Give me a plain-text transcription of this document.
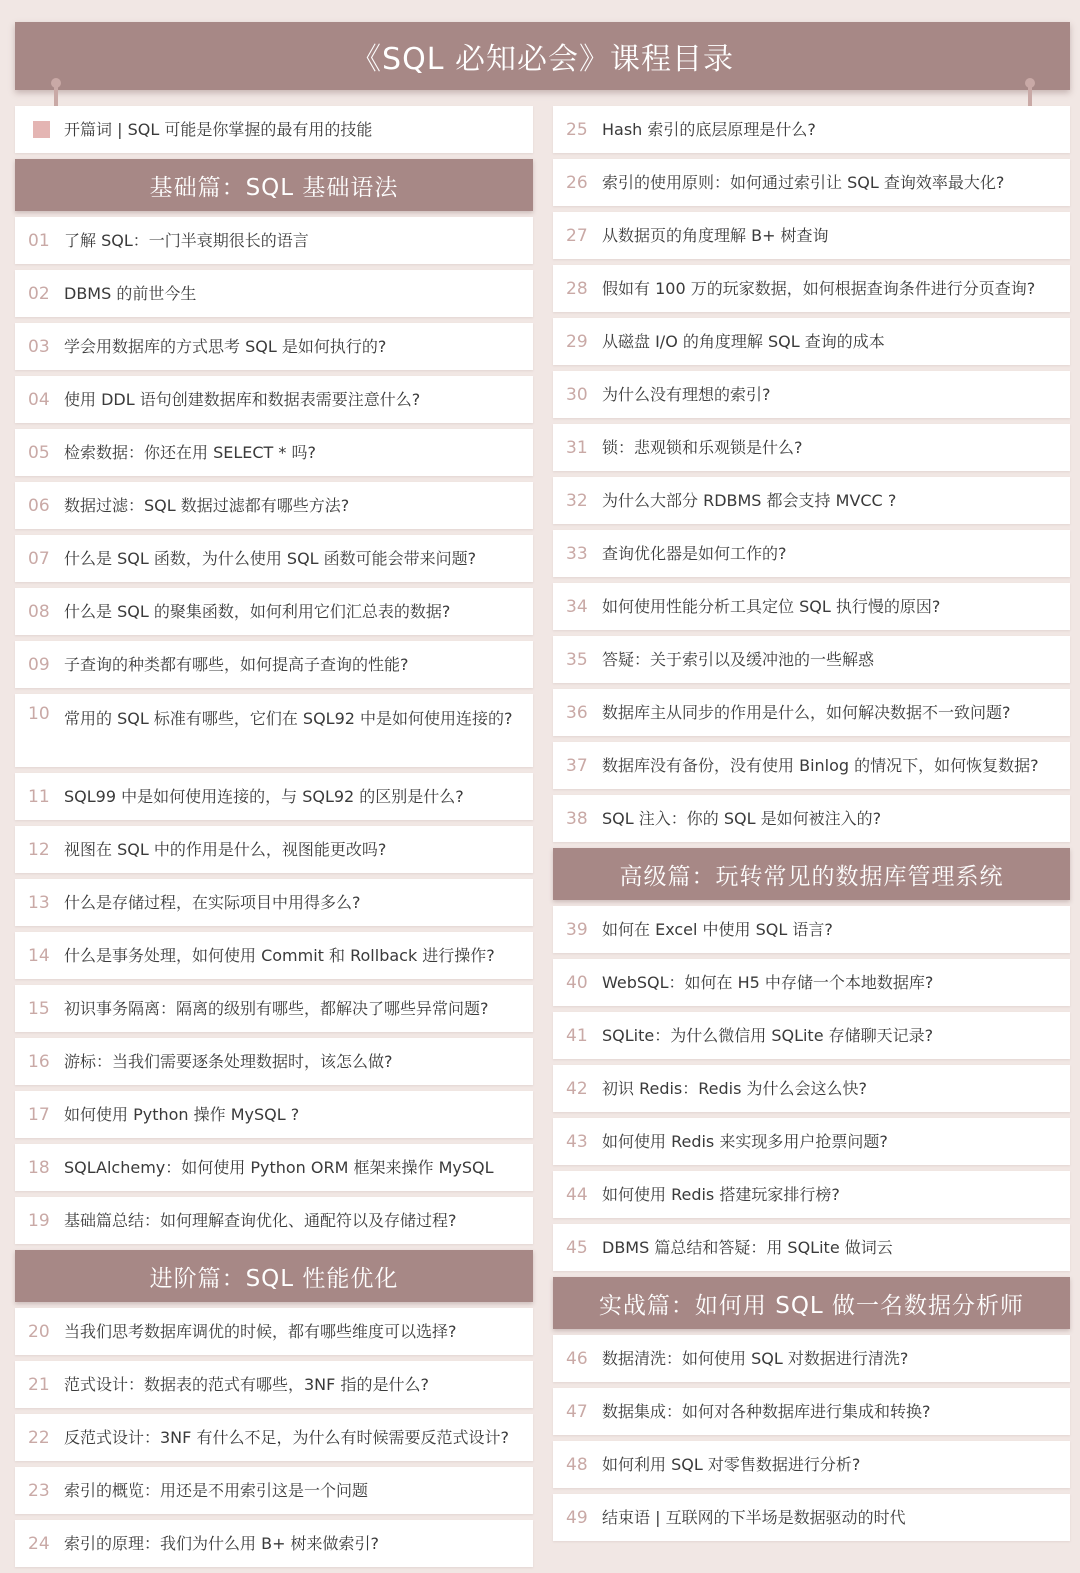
《SQL 必知必会》课程目录
开篇词 | SQL 可能是你掌握的最有用的技能
基础篇：SQL 基础语法
01 了解 SQL：一门半衰期很长的语言
02 DBMS 的前世今生
03 学会用数据库的方式思考 SQL 是如何执行的?
04 使用 DDL 语句创建数据库和数据表需要注意什么?
05 检索数据：你还在用 SELECT * 吗?
06 数据过滤：SQL 数据过滤都有哪些方法?
07 什么是 SQL 函数，为什么使用 SQL 函数可能会带来问题?
08 什么是 SQL 的聚集函数，如何利用它们汇总表的数据?
09 子查询的种类都有哪些，如何提高子查询的性能?
10 常用的 SQL 标准有哪些，它们在 SQL92 中是如何使用连接的?
11 SQL99 中是如何使用连接的，与 SQL92 的区别是什么?
12 视图在 SQL 中的作用是什么，视图能更改吗?
13 什么是存储过程，在实际项目中用得多么?
14 什么是事务处理，如何使用 Commit 和 Rollback 进行操作?
15 初识事务隔离：隔离的级别有哪些，都解决了哪些异常问题?
16 游标：当我们需要逐条处理数据时，该怎么做?
17 如何使用 Python 操作 MySQL ?
18 SQLAlchemy：如何使用 Python ORM 框架来操作 MySQL
19 基础篇总结：如何理解查询优化、通配符以及存储过程?
进阶篇：SQL 性能优化
20 当我们思考数据库调优的时候，都有哪些维度可以选择?
21 范式设计：数据表的范式有哪些，3NF 指的是什么?
22 反范式设计：3NF 有什么不足，为什么有时候需要反范式设计?
23 索引的概览：用还是不用索引这是一个问题
24 索引的原理：我们为什么用 B+ 树来做索引?
25 Hash 索引的底层原理是什么?
26 索引的使用原则：如何通过索引让 SQL 查询效率最大化?
27 从数据页的角度理解 B+ 树查询
28 假如有 100 万的玩家数据，如何根据查询条件进行分页查询?
29 从磁盘 I/O 的角度理解 SQL 查询的成本
30 为什么没有理想的索引?
31 锁：悲观锁和乐观锁是什么?
32 为什么大部分 RDBMS 都会支持 MVCC ?
33 查询优化器是如何工作的?
34 如何使用性能分析工具定位 SQL 执行慢的原因?
35 答疑：关于索引以及缓冲池的一些解惑
36 数据库主从同步的作用是什么，如何解决数据不一致问题?
37 数据库没有备份，没有使用 Binlog 的情况下，如何恢复数据?
38 SQL 注入：你的 SQL 是如何被注入的?
高级篇：玩转常见的数据库管理系统
39 如何在 Excel 中使用 SQL 语言?
40 WebSQL：如何在 H5 中存储一个本地数据库?
41 SQLite：为什么微信用 SQLite 存储聊天记录?
42 初识 Redis：Redis 为什么会这么快?
43 如何使用 Redis 来实现多用户抢票问题?
44 如何使用 Redis 搭建玩家排行榜?
45 DBMS 篇总结和答疑：用 SQLite 做词云
实战篇：如何用 SQL 做一名数据分析师
46 数据清洗：如何使用 SQL 对数据进行清洗?
47 数据集成：如何对各种数据库进行集成和转换?
48 如何利用 SQL 对零售数据进行分析?
49 结束语 | 互联网的下半场是数据驱动的时代
